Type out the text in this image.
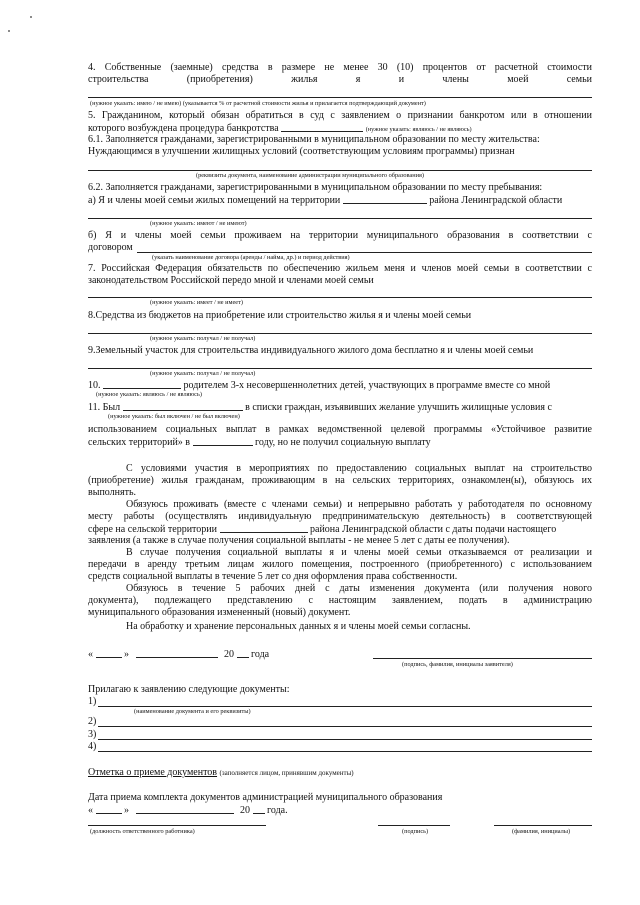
4. Собственные (заемные) средства в размере не менее 30 (10) процентов от расчетной стоимости
строительства (приобретения) жилья я и члены моей семьи
(нужное указать: имею / не имею) (указывается % от расчетной стоимости жилья и прилагается подтверждающий документ)
5. Гражданином, который обязан обратиться в суд с заявлением о признании банкротом или в отношении
которого возбуждена процедура банкротства	(нужное указать: являюсь / не являюсь)
6.1. Заполняется гражданами, зарегистрированными в муниципальном образовании по месту жительства:
Нуждающимся в улучшении жилищных условий (соответствующим условиям программы) признан
(реквизиты документа, наименование администрации муниципального образования)
6.2. Заполняется гражданами, зарегистрированными в муниципальном образовании по месту пребывания:
а) Я и члены моей семьи жилых помещений на территории	района Ленинградской области
(нужное указать: имеют / не имеют)
б) Я и члены моей семьи проживаем на территории муниципального образования в соответствии с
договором
(указать наименование договора (аренды / найма, др.) и период действия)
7. Российская Федерация обязательств по обеспечению жильем меня и членов моей семьи в соответствии с
законодательством Российской передо мной и членами моей семьи
(нужное указать: имеет / не имеет)
8.Средства из бюджетов на приобретение или строительство жилья я и члены моей семьи
(нужное указать: получал / не получал)
9.Земельный участок для строительства индивидуального жилого дома бесплатно я и члены моей семьи
(нужное указать: получал / не получал)
10.	родителем 3-х несовершеннолетних детей, участвующих в программе вместе со мной
(нужное указать: являюсь / не являюсь)
11. Был	в списки граждан, изъявивших желание улучшить жилищные условия с
(нужное указать: был включен / не был включен)
использованием социальных выплат в рамках ведомственной целевой программы «Устойчивое развитие
сельских территорий» в	году, но не получил социальную выплату
С условиями участия в мероприятиях по предоставлению социальных выплат на строительство
(приобретение) жилья гражданам, проживающим в на сельских территориях, ознакомлен(ы), обязуюсь их
выполнять.
Обязуюсь проживать (вместе с членами семьи) и непрерывно работать у работодателя по основному
месту работы (осуществлять индивидуальную предпринимательскую деятельность) в соответствующей
сфере на сельской территории	района Ленинградской области с даты подачи настоящего
заявления (а также в случае получения социальной выплаты - не менее 5 лет с даты ее получения).
В случае получения социальной выплаты я и члены моей семьи отказываемся от реализации и
передачи в аренду третьим лицам жилого помещения, построенного (приобретенного) с использованием
средств социальной выплаты в течение 5 лет со дня оформления права собственности.
Обязуюсь в течение 5 рабочих дней с даты изменения документа (или получения нового
документа), подлежащего представлению с настоящим заявлением, подать в администрацию
муниципального образования измененный (новый) документ.
На обработку и хранение персональных данных я и члены моей семьи согласны.
«	»	20 года
(подпись, фамилия, инициалы заявителя)
Прилагаю к заявлению следующие документы:
1)
(наименование документа и его реквизиты)
2)
3)
4)
Отметка о приеме документов (заполняется лицом, принявшим документы)
Дата приема комплекта документов администрацией муниципального образования
«	»	20 года.
(должность ответственного работника)	(подпись)	(фамилия, инициалы)
